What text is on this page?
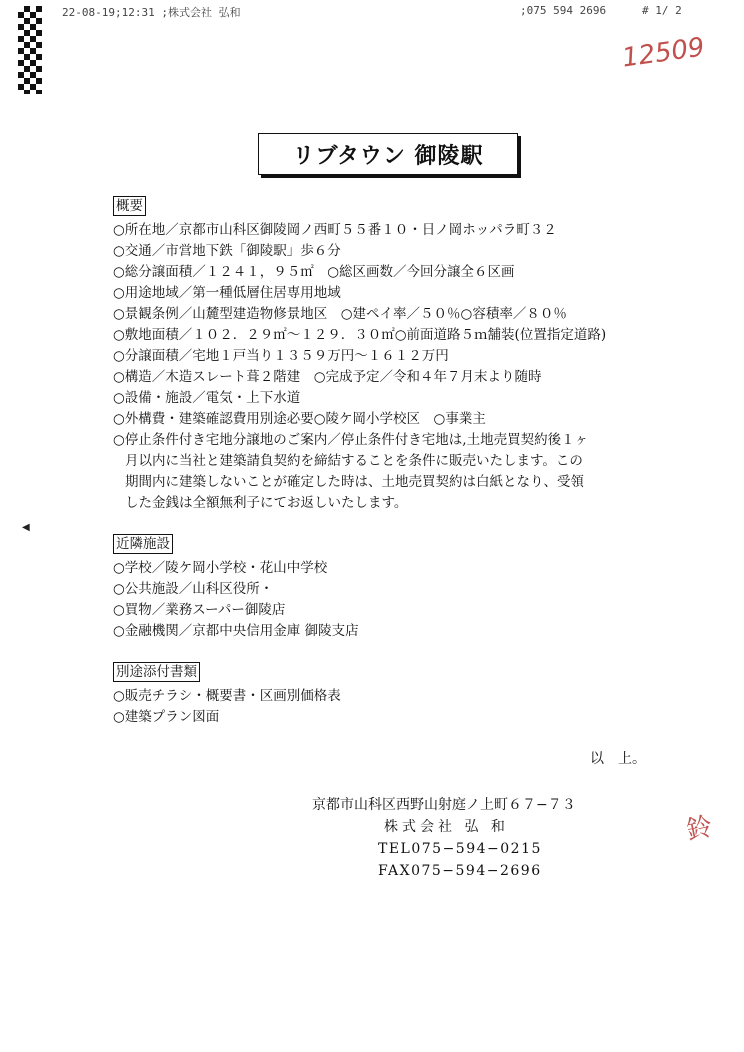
22-08-19;12:31 ;株式会社 弘和	;075 594 2696	# 1/ 2
12509
リブタウン 御陵駅
概要
○所在地／京都市山科区御陵岡ノ西町５５番１０・日ノ岡ホッパラ町３２
○交通／市営地下鉄「御陵駅」歩６分
○総分譲面積／１２４１，９５㎡　○総区画数／今回分譲全６区画
○用途地域／第一種低層住居専用地域
○景観条例／山麓型建造物修景地区　○建ペイ率／５０％○容積率／８０％
○敷地面積／１０２．２９㎡〜１２９．３０㎡○前面道路５ｍ舗装(位置指定道路)
○分譲面積／宅地１戸当り１３５９万円〜１６１２万円
○構造／木造スレート葺２階建　○完成予定／令和４年７月末より随時
○設備・施設／電気・上下水道
○外構費・建築確認費用別途必要○陵ケ岡小学校区　○事業主
○停止条件付き宅地分譲地のご案内／停止条件付き宅地は,土地売買契約後１ヶ
月以内に当社と建築請負契約を締結することを条件に販売いたします。この
期間内に建築しないことが確定した時は、土地売買契約は白紙となり、受領
した金銭は全額無利子にてお返しいたします。
近隣施設
○学校／陵ケ岡小学校・花山中学校
○公共施設／山科区役所・
○買物／業務スーパー御陵店
○金融機関／京都中央信用金庫 御陵支店
別途添付書類
○販売チラシ・概要書・区画別価格表
○建築プラン図面
以　上。
京都市山科区西野山射庭ノ上町６７−７３
株式会社 弘 和
TEL075−594−0215
FAX075−594−2696
鈴
◀
